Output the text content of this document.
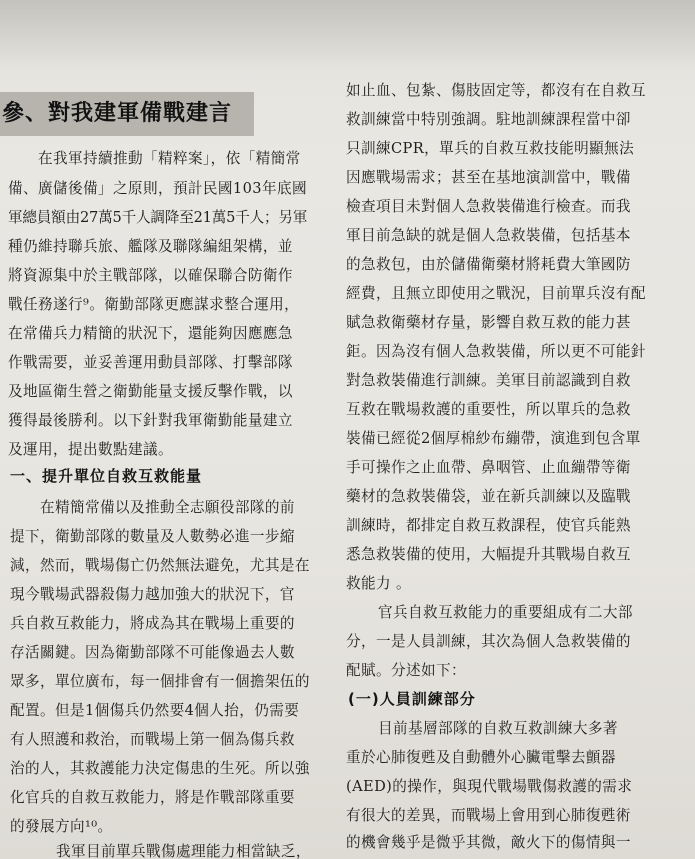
參、對我建軍備戰建言
在我軍持續推動「精粹案」，依「精簡常
備、廣儲後備」之原則，預計民國103年底國
軍總員額由27萬5千人調降至21萬5千人；另軍
種仍維持聯兵旅、艦隊及聯隊編組架構，並
將資源集中於主戰部隊，以確保聯合防衛作
戰任務遂行⁹。衛勤部隊更應謀求整合運用，
在常備兵力精簡的狀況下，還能夠因應應急
作戰需要，並妥善運用動員部隊、打擊部隊
及地區衛生營之衛勤能量支援反擊作戰，以
獲得最後勝利。以下針對我軍衛勤能量建立
及運用，提出數點建議。
一、提升單位自救互救能量
在精簡常備以及推動全志願役部隊的前
提下，衛勤部隊的數量及人數勢必進一步縮
減，然而，戰場傷亡仍然無法避免，尤其是在
現今戰場武器殺傷力越加強大的狀況下，官
兵自救互救能力，將成為其在戰場上重要的
存活關鍵。因為衛勤部隊不可能像過去人數
眾多，單位廣布，每一個排會有一個擔架伍的
配置。但是1個傷兵仍然要4個人抬，仍需要
有人照護和救治，而戰場上第一個為傷兵救
治的人，其救護能力決定傷患的生死。所以強
化官兵的自救互救能力，將是作戰部隊重要
的發展方向¹⁰。
我軍目前單兵戰傷處理能力相當缺乏，
如止血、包紮、傷肢固定等，都沒有在自救互
救訓練當中特別強調。駐地訓練課程當中卻
只訓練CPR，單兵的自救互救技能明顯無法
因應戰場需求；甚至在基地演訓當中，戰備
檢查項目未對個人急救裝備進行檢查。而我
軍目前急缺的就是個人急救裝備，包括基本
的急救包，由於儲備衛藥材將耗費大筆國防
經費，且無立即使用之戰況，目前單兵沒有配
賦急救衛藥材存量，影響自救互救的能力甚
鉅。因為沒有個人急救裝備，所以更不可能針
對急救裝備進行訓練。美軍目前認識到自救
互救在戰場救護的重要性，所以單兵的急救
裝備已經從2個厚棉紗布繃帶，演進到包含單
手可操作之止血帶、鼻咽管、止血繃帶等衛
藥材的急救裝備袋，並在新兵訓練以及臨戰
訓練時，都排定自救互救課程，使官兵能熟
悉急救裝備的使用，大幅提升其戰場自救互
救能力 。
官兵自救互救能力的重要組成有二大部
分，一是人員訓練，其次為個人急救裝備的
配賦。分述如下：
(一)人員訓練部分
目前基層部隊的自救互救訓練大多著
重於心肺復甦及自動體外心臟電擊去顫器
(AED)的操作，與現代戰場戰傷救護的需求
有很大的差異，而戰場上會用到心肺復甦術
的機會幾乎是微乎其微，敵火下的傷情與一
